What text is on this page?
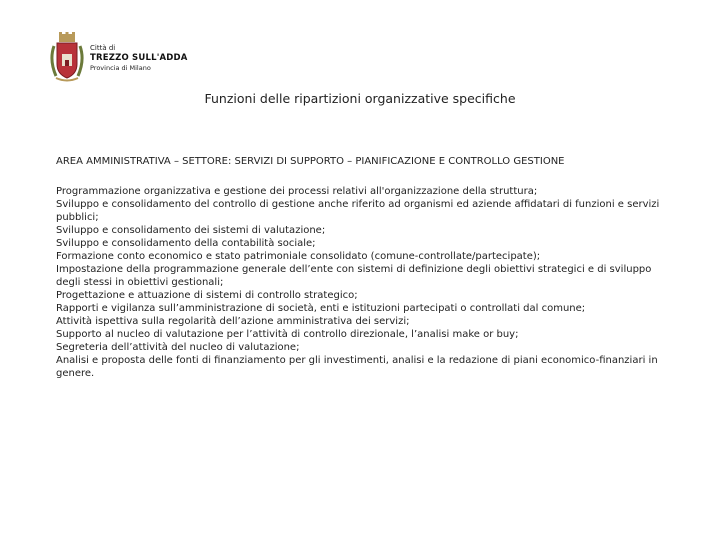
Città di
TREZZO SULL'ADDA
Provincia di Milano
Funzioni delle ripartizioni organizzative specifiche
AREA AMMINISTRATIVA – SETTORE: SERVIZI DI SUPPORTO – PIANIFICAZIONE E CONTROLLO GESTIONE

Programmazione organizzativa e gestione dei processi relativi all'organizzazione della struttura;

Sviluppo e consolidamento del controllo di gestione anche riferito ad organismi ed aziende affidatari di funzioni e servizi pubblici;

Sviluppo e consolidamento dei sistemi di valutazione;

Sviluppo e consolidamento della contabilità sociale;

Formazione conto economico e stato patrimoniale consolidato (comune-controllate/partecipate);

Impostazione della programmazione generale dell’ente con sistemi di definizione degli obiettivi strategici e di sviluppo degli stessi in obiettivi gestionali;

Progettazione e attuazione di sistemi di controllo strategico;

Rapporti e vigilanza sull’amministrazione di società, enti e istituzioni partecipati o controllati dal comune;

Attività ispettiva sulla regolarità dell’azione amministrativa dei servizi;

Supporto al nucleo di valutazione per l’attività di controllo direzionale, l’analisi make or buy;

Segreteria dell’attività del nucleo di valutazione;

Analisi e proposta delle fonti di finanziamento per gli investimenti, analisi e la redazione di piani economico-finanziari in genere.
